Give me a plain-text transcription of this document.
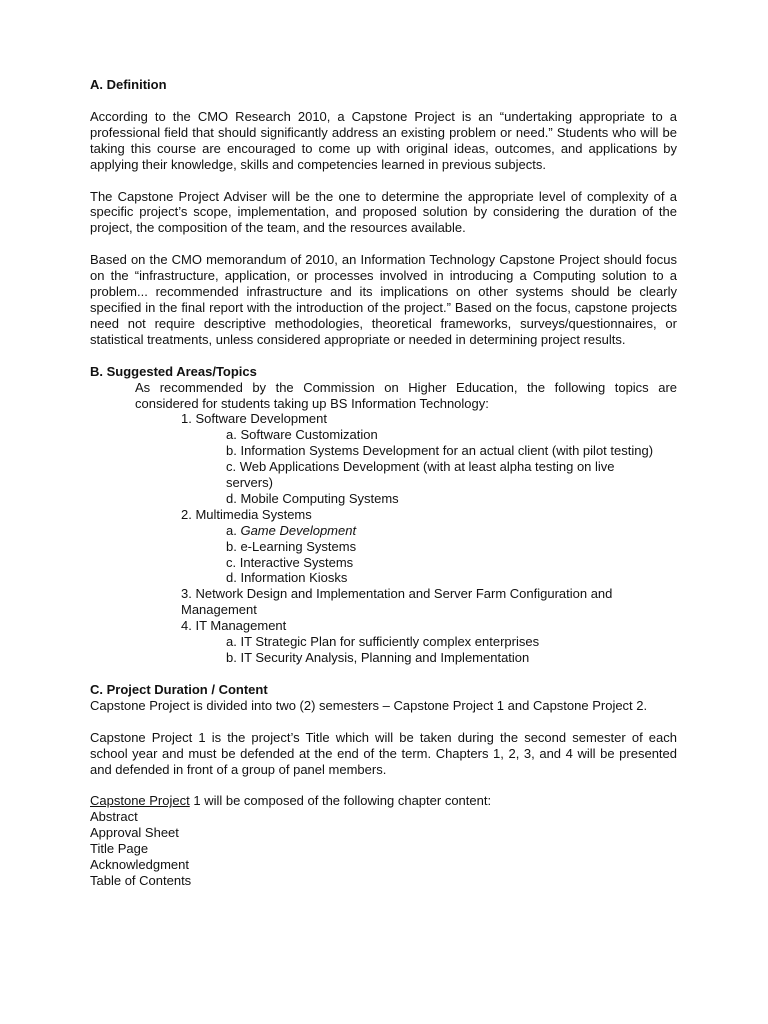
A. Definition

According to the CMO Research 2010, a Capstone Project is an “undertaking appropriate to a professional field that should significantly address an existing problem or need.” Students who will be taking this course are encouraged to come up with original ideas, outcomes, and applications by applying their knowledge, skills and competencies learned in previous subjects.

The Capstone Project Adviser will be the one to determine the appropriate level of complexity of a specific project’s scope, implementation, and proposed solution by considering the duration of the project, the composition of the team, and the resources available.

Based on the CMO memorandum of 2010, an Information Technology Capstone Project should focus on the “infrastructure, application, or processes involved in introducing a Computing solution to a problem... recommended infrastructure and its implications on other systems should be clearly specified in the final report with the introduction of the project.” Based on the focus, capstone projects need not require descriptive methodologies, theoretical frameworks, surveys/questionnaires, or statistical treatments, unless considered appropriate or needed in determining project results.

B. Suggested Areas/Topics

As recommended by the Commission on Higher Education, the following topics are considered for students taking up BS Information Technology:

1. Software Development

a. Software Customization

b. Information Systems Development for an actual client (with pilot testing)

c. Web Applications Development (with at least alpha testing on live servers)

d. Mobile Computing Systems

2. Multimedia Systems

a. Game Development

b. e-Learning Systems

c. Interactive Systems

d. Information Kiosks

3. Network Design and Implementation and Server Farm Configuration and Management

4. IT Management

a. IT Strategic Plan for sufficiently complex enterprises

b. IT Security Analysis, Planning and Implementation

C. Project Duration / Content

Capstone Project is divided into two (2) semesters – Capstone Project 1 and Capstone Project 2.

Capstone Project 1 is the project’s Title which will be taken during the second semester of each school year and must be defended at the end of the term. Chapters 1, 2, 3, and 4 will be presented and defended in front of a group of panel members.

Capstone Project 1 will be composed of the following chapter content:

Abstract

Approval Sheet

Title Page

Acknowledgment

Table of Contents
